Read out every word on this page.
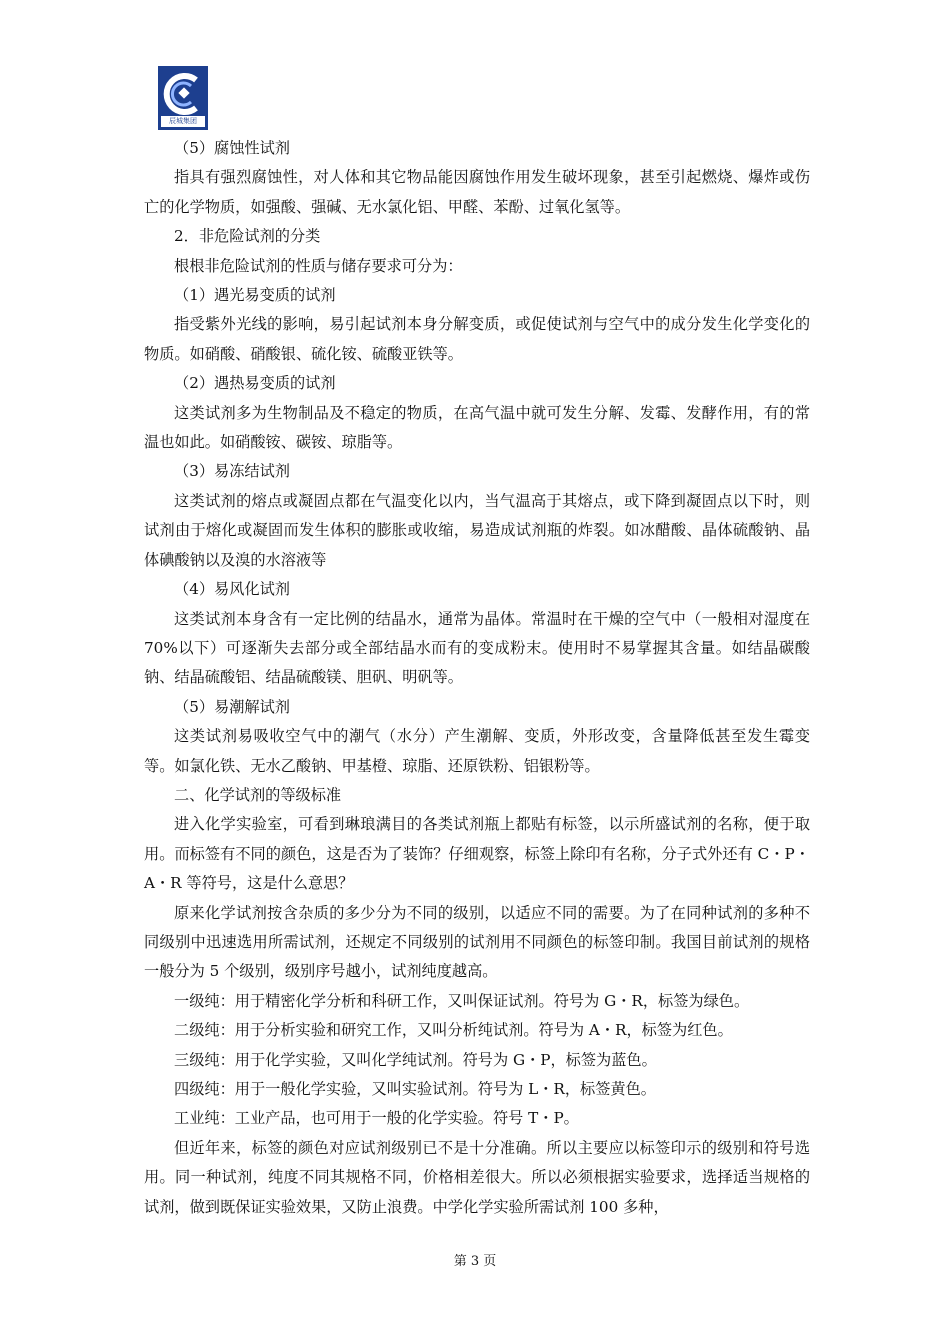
辰城集团

（5）腐蚀性试剂

指具有强烈腐蚀性，对人体和其它物品能因腐蚀作用发生破坏现象，甚至引起燃烧、爆炸或伤亡的化学物质，如强酸、强碱、无水氯化铝、甲醛、苯酚、过氧化氢等。

2．非危险试剂的分类

根根非危险试剂的性质与储存要求可分为：

（1）遇光易变质的试剂

指受紫外光线的影响，易引起试剂本身分解变质，或促使试剂与空气中的成分发生化学变化的物质。如硝酸、硝酸银、硫化铵、硫酸亚铁等。

（2）遇热易变质的试剂

这类试剂多为生物制品及不稳定的物质，在高气温中就可发生分解、发霉、发酵作用，有的常温也如此。如硝酸铵、碳铵、琼脂等。

（3）易冻结试剂

这类试剂的熔点或凝固点都在气温变化以内，当气温高于其熔点，或下降到凝固点以下时，则试剂由于熔化或凝固而发生体积的膨胀或收缩，易造成试剂瓶的炸裂。如冰醋酸、晶体硫酸钠、晶体碘酸钠以及溴的水溶液等

（4）易风化试剂

这类试剂本身含有一定比例的结晶水，通常为晶体。常温时在干燥的空气中（一般相对湿度在 70%以下）可逐渐失去部分或全部结晶水而有的变成粉末。使用时不易掌握其含量。如结晶碳酸钠、结晶硫酸铝、结晶硫酸镁、胆矾、明矾等。

（5）易潮解试剂

这类试剂易吸收空气中的潮气（水分）产生潮解、变质，外形改变，含量降低甚至发生霉变等。如氯化铁、无水乙酸钠、甲基橙、琼脂、还原铁粉、铝银粉等。

二、化学试剂的等级标准

进入化学实验室，可看到琳琅满目的各类试剂瓶上都贴有标签，以示所盛试剂的名称，便于取用。而标签有不同的颜色，这是否为了装饰？仔细观察，标签上除印有名称，分子式外还有 C・P・A・R 等符号，这是什么意思？

原来化学试剂按含杂质的多少分为不同的级别，以适应不同的需要。为了在同种试剂的多种不同级别中迅速选用所需试剂，还规定不同级别的试剂用不同颜色的标签印制。我国目前试剂的规格一般分为 5 个级别，级别序号越小，试剂纯度越高。

一级纯：用于精密化学分析和科研工作，又叫保证试剂。符号为 G・R，标签为绿色。

二级纯：用于分析实验和研究工作，又叫分析纯试剂。符号为 A・R，标签为红色。

三级纯：用于化学实验，又叫化学纯试剂。符号为 G・P，标签为蓝色。

四级纯：用于一般化学实验，又叫实验试剂。符号为 L・R，标签黄色。

工业纯：工业产品，也可用于一般的化学实验。符号 T・P。

但近年来，标签的颜色对应试剂级别已不是十分准确。所以主要应以标签印示的级别和符号选用。同一种试剂，纯度不同其规格不同，价格相差很大。所以必须根据实验要求，选择适当规格的试剂，做到既保证实验效果，又防止浪费。中学化学实验所需试剂 100 多种，

第 3 页
